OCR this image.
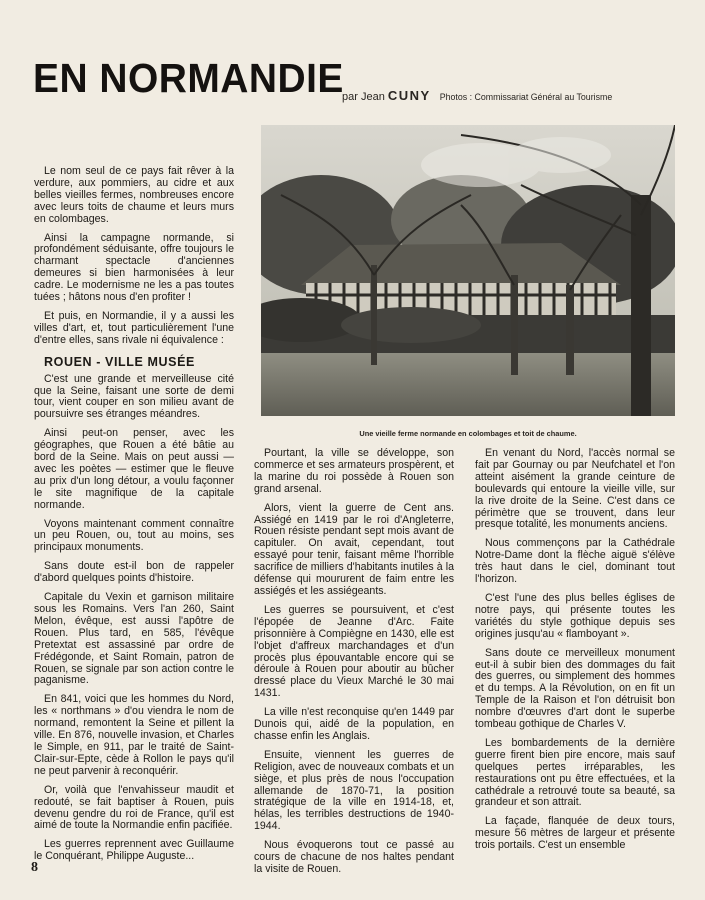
EN NORMANDIE
par Jean CUNY Photos : Commissariat Général au Tourisme
Une vieille ferme normande en colombages et toit de chaume.

Le nom seul de ce pays fait rêver à la verdure, aux pommiers, au cidre et aux belles vieilles fermes, nombreuses encore avec leurs toits de chaume et leurs murs en colombages.

Ainsi la campagne normande, si profondément séduisante, offre toujours le charmant spectacle d'anciennes demeures si bien harmonisées à leur cadre. Le modernisme ne les a pas toutes tuées ; hâtons nous d'en profiter !

Et puis, en Normandie, il y a aussi les villes d'art, et, tout particulièrement l'une d'entre elles, sans rivale ni équivalence :

ROUEN - VILLE MUSÉE

C'est une grande et merveilleuse cité que la Seine, faisant une sorte de demi tour, vient couper en son milieu avant de poursuivre ses étranges méandres.

Ainsi peut-on penser, avec les géographes, que Rouen a été bâtie au bord de la Seine. Mais on peut aussi — avec les poètes — estimer que le fleuve au prix d'un long détour, a voulu façonner le site magnifique de la capitale normande.

Voyons maintenant comment connaître un peu Rouen, ou, tout au moins, ses principaux monuments.

Sans doute est-il bon de rappeler d'abord quelques points d'histoire.

Capitale du Vexin et garnison militaire sous les Romains. Vers l'an 260, Saint Melon, évêque, est aussi l'apôtre de Rouen. Plus tard, en 585, l'évêque Pretextat est assassiné par ordre de Frédégonde, et Saint Romain, patron de Rouen, se signale par son action contre le paganisme.

En 841, voici que les hommes du Nord, les « northmans » d'ou viendra le nom de normand, remontent la Seine et pillent la ville. En 876, nouvelle invasion, et Charles le Simple, en 911, par le traité de Saint-Clair-sur-Epte, cède à Rollon le pays qu'il ne peut parvenir à reconquérir.

Or, voilà que l'envahisseur maudit et redouté, se fait baptiser à Rouen, puis devenu gendre du roi de France, qu'il est aimé de toute la Normandie enfin pacifiée.

Les guerres reprennent avec Guillaume le Conquérant, Philippe Auguste...

Pourtant, la ville se développe, son commerce et ses armateurs prospèrent, et la marine du roi possède à Rouen son grand arsenal.

Alors, vient la guerre de Cent ans. Assiégé en 1419 par le roi d'Angleterre, Rouen résiste pendant sept mois avant de capituler. On avait, cependant, tout essayé pour tenir, faisant même l'horrible sacrifice de milliers d'habitants inutiles à la défense qui moururent de faim entre les assiégés et les assiégeants.

Les guerres se poursuivent, et c'est l'épopée de Jeanne d'Arc. Faite prisonnière à Compiègne en 1430, elle est l'objet d'affreux marchandages et d'un procès plus épouvantable encore qui se déroule à Rouen pour aboutir au bûcher dressé place du Vieux Marché le 30 mai 1431.

La ville n'est reconquise qu'en 1449 par Dunois qui, aidé de la population, en chasse enfin les Anglais.

Ensuite, viennent les guerres de Religion, avec de nouveaux combats et un siège, et plus près de nous l'occupation allemande de 1870-71, la position stratégique de la ville en 1914-18, et, hélas, les terribles destructions de 1940-1944.

Nous évoquerons tout ce passé au cours de chacune de nos haltes pendant la visite de Rouen.

En venant du Nord, l'accès normal se fait par Gournay ou par Neufchatel et l'on atteint aisément la grande ceinture de boulevards qui entoure la vieille ville, sur la rive droite de la Seine. C'est dans ce périmètre que se trouvent, dans leur presque totalité, les monuments anciens.

Nous commençons par la Cathédrale Notre-Dame dont la flèche aiguë s'élève très haut dans le ciel, dominant tout l'horizon.

C'est l'une des plus belles églises de notre pays, qui présente toutes les variétés du style gothique depuis ses origines jusqu'au « flamboyant ».

Sans doute ce merveilleux monument eut-il à subir bien des dommages du fait des guerres, ou simplement des hommes et du temps. A la Révolution, on en fit un Temple de la Raison et l'on détruisit bon nombre d'œuvres d'art dont le superbe tombeau gothique de Charles V.

Les bombardements de la dernière guerre firent bien pire encore, mais sauf quelques pertes irréparables, les restaurations ont pu être effectuées, et la cathédrale a retrouvé toute sa beauté, sa grandeur et son attrait.

La façade, flanquée de deux tours, mesure 56 mètres de largeur et présente trois portails. C'est un ensemble

8
